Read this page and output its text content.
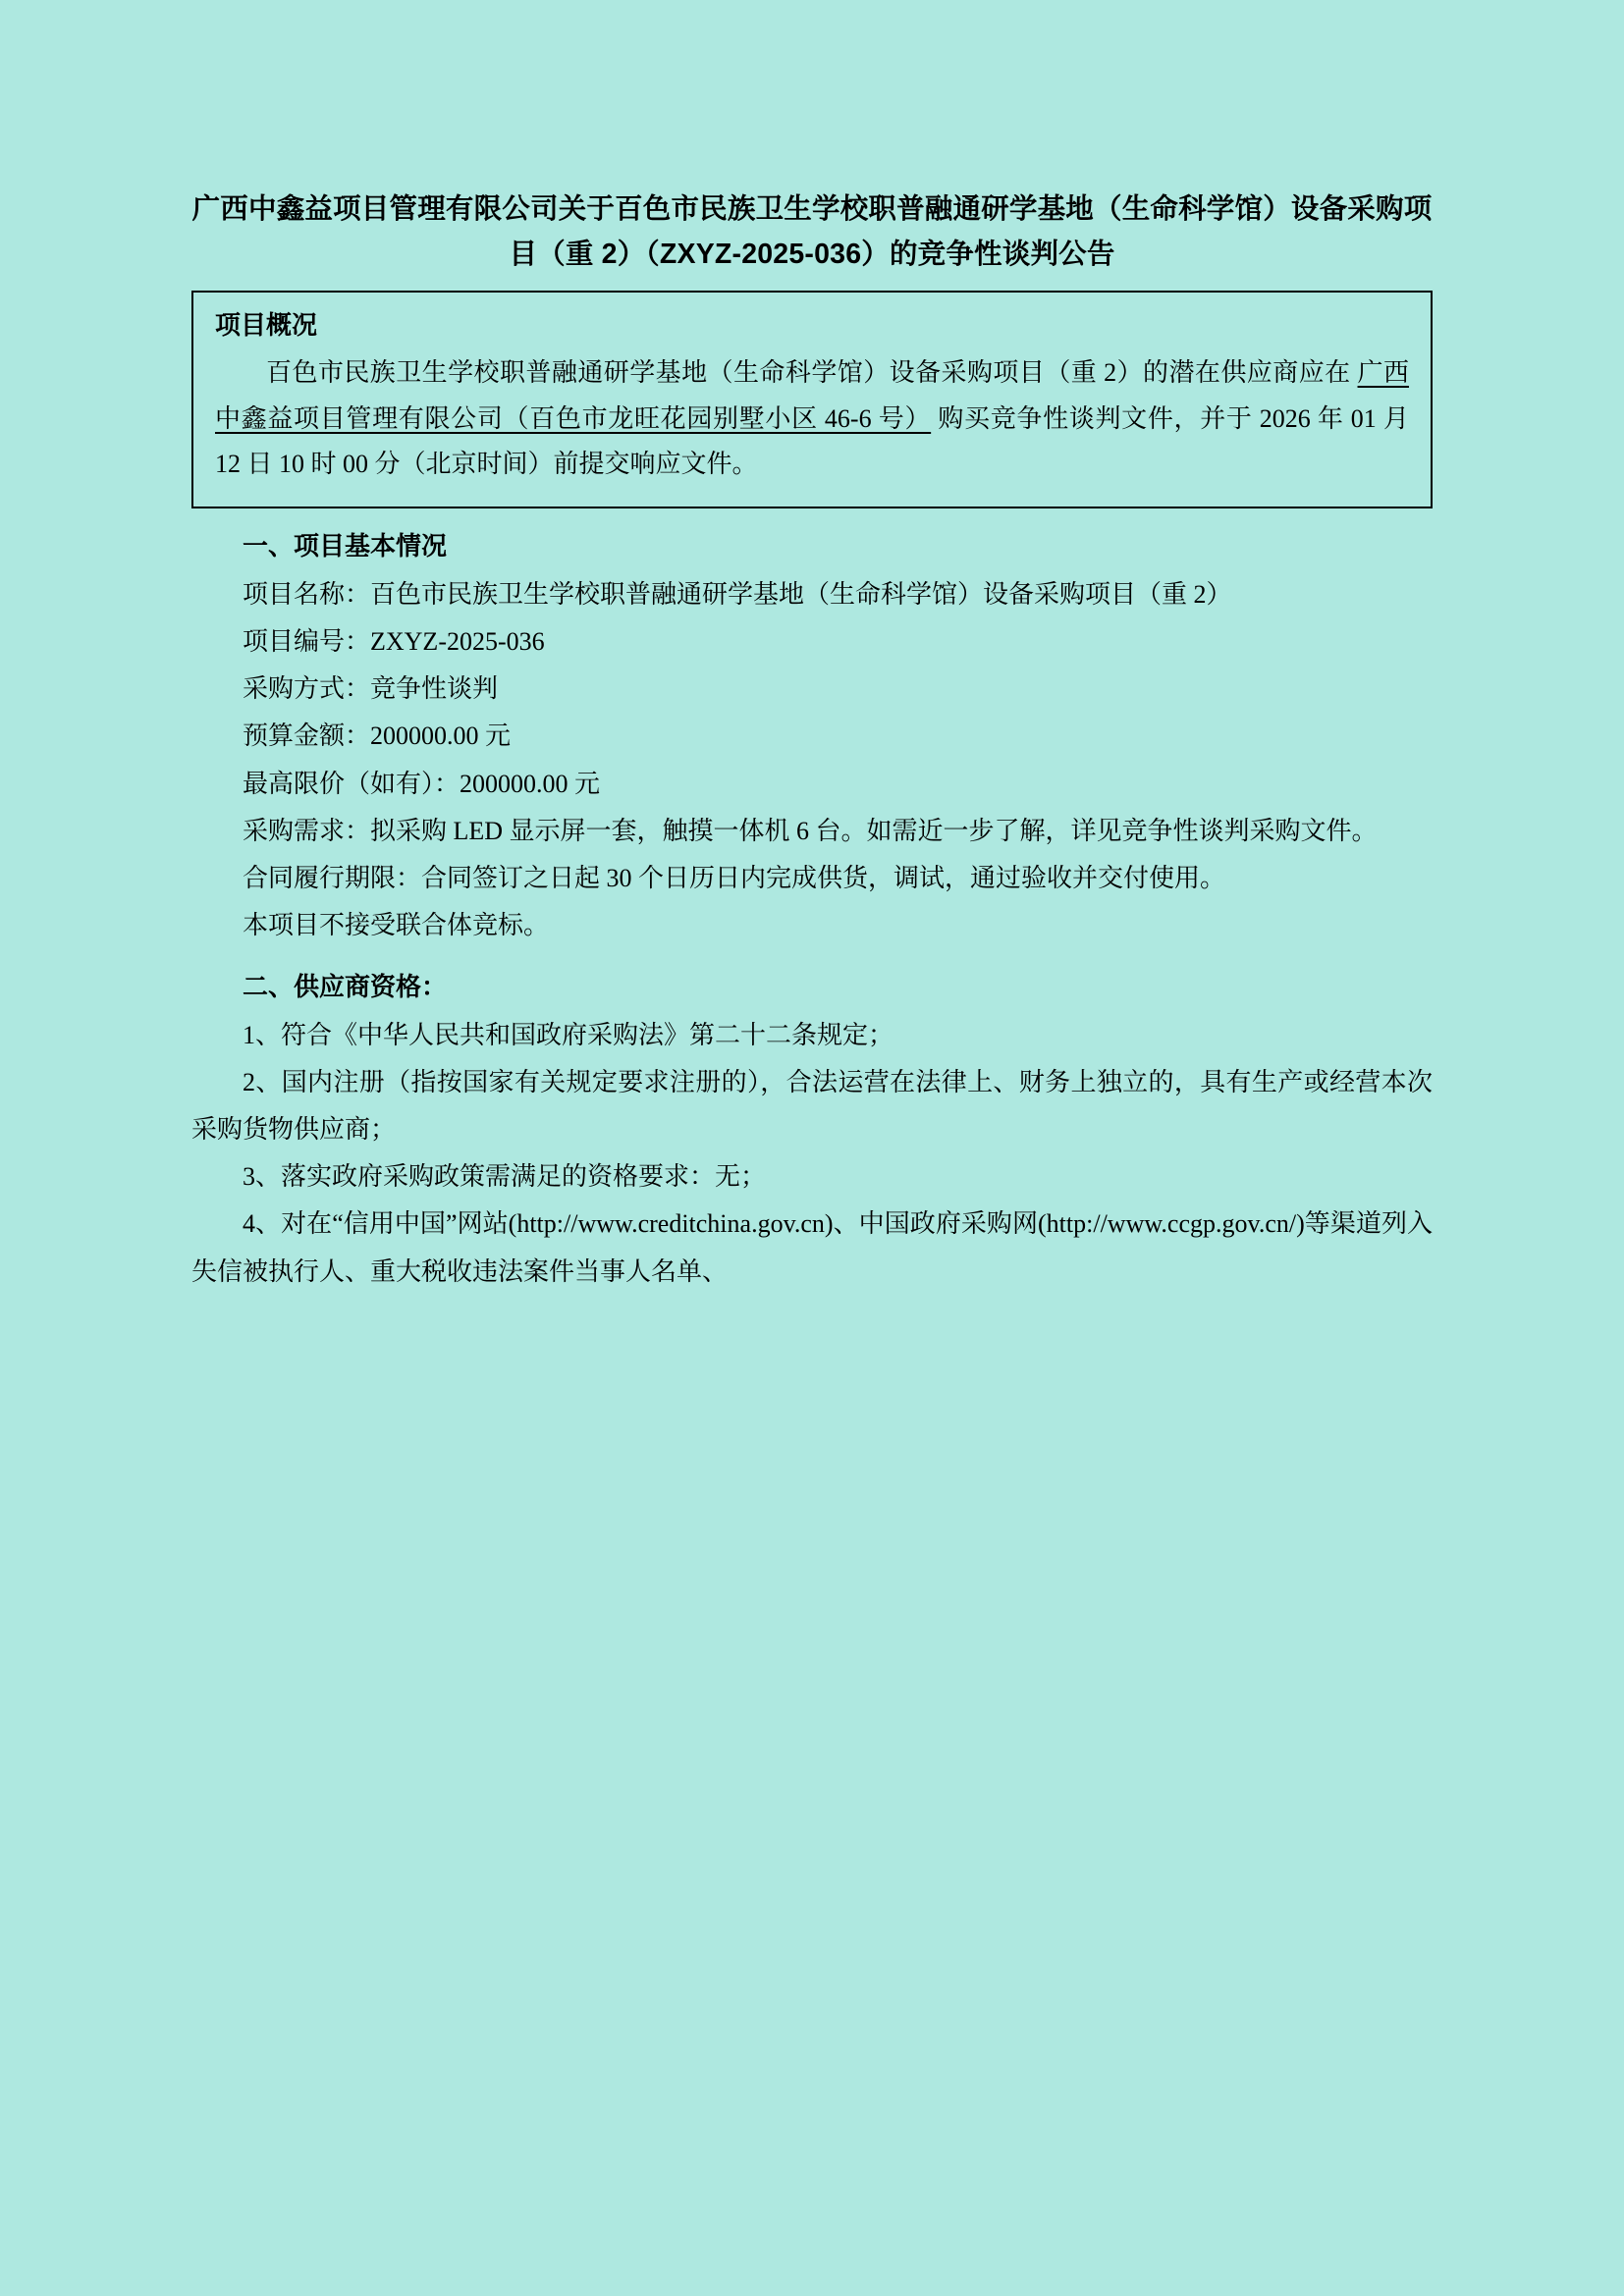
广西中鑫益项目管理有限公司关于百色市民族卫生学校职普融通研学基地（生命科学馆）设备采购项目（重 2）（ZXYZ-2025-036）的竞争性谈判公告
项目概况

百色市民族卫生学校职普融通研学基地（生命科学馆）设备采购项目（重 2）的潜在供应商应在 广西中鑫益项目管理有限公司（百色市龙旺花园别墅小区 46-6 号） 购买竞争性谈判文件，并于 2026 年 01 月 12 日 10 时 00 分（北京时间）前提交响应文件。

一、项目基本情况

项目名称：百色市民族卫生学校职普融通研学基地（生命科学馆）设备采购项目（重 2）

项目编号：ZXYZ-2025-036

采购方式：竞争性谈判

预算金额：200000.00 元

最高限价（如有）：200000.00 元

采购需求：拟采购 LED 显示屏一套，触摸一体机 6 台。如需近一步了解，详见竞争性谈判采购文件。

合同履行期限：合同签订之日起 30 个日历日内完成供货，调试，通过验收并交付使用。

本项目不接受联合体竞标。

二、供应商资格：

1、符合《中华人民共和国政府采购法》第二十二条规定；

2、国内注册（指按国家有关规定要求注册的），合法运营在法律上、财务上独立的，具有生产或经营本次采购货物供应商；

3、落实政府采购政策需满足的资格要求：无；

4、对在“信用中国”网站(http://www.creditchina.gov.cn)、中国政府采购网(http://www.ccgp.gov.cn/)等渠道列入失信被执行人、重大税收违法案件当事人名单、
